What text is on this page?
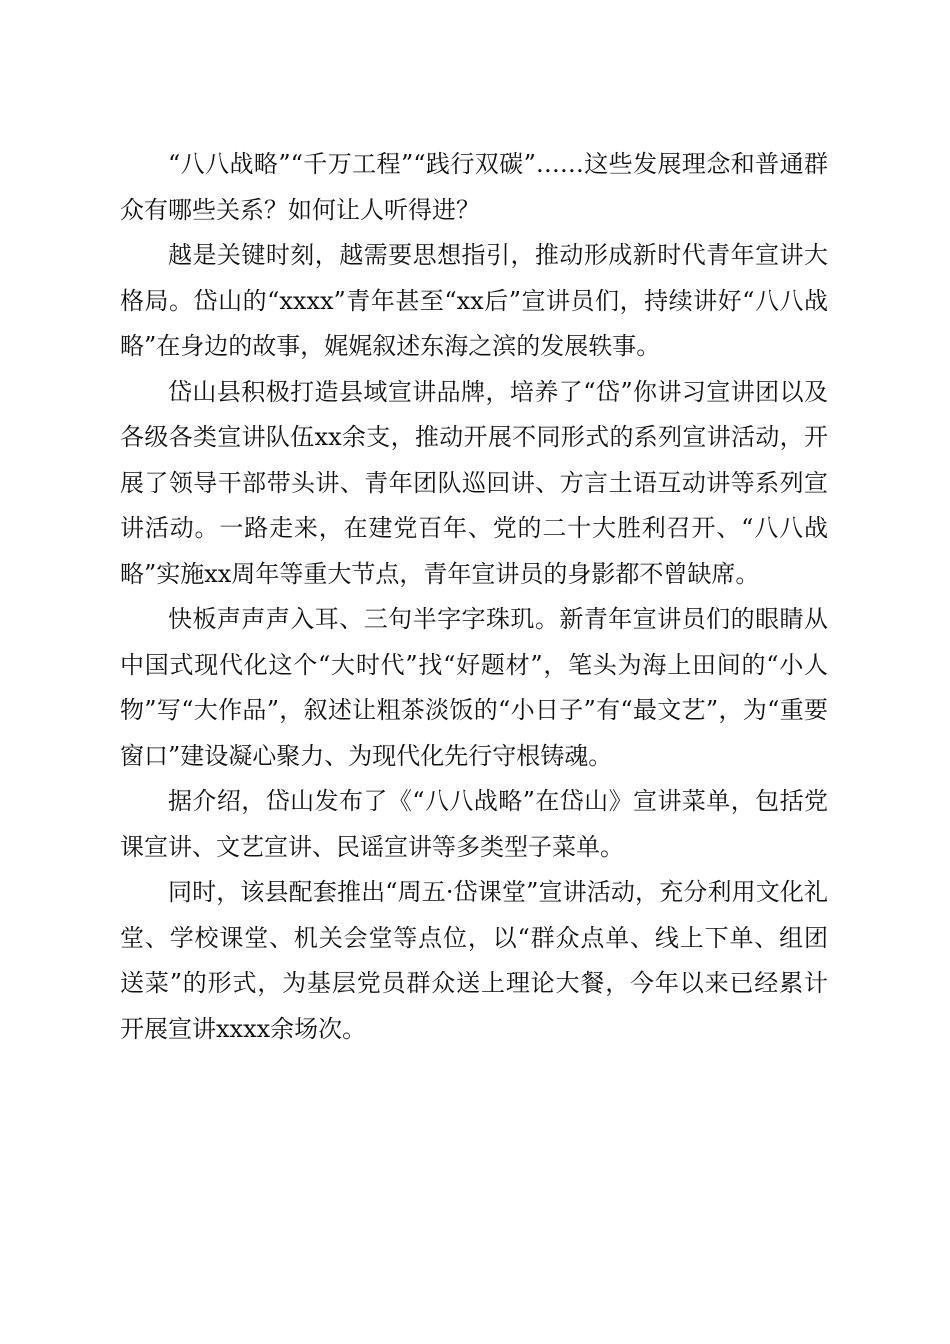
“八八战略”“千万工程”“践行双碳”……这些发展理念和普通群众有哪些关系？如何让人听得进？

越是关键时刻，越需要思想指引，推动形成新时代青年宣讲大格局。岱山的“xxxx”青年甚至“xx后”宣讲员们，持续讲好“八八战略”在身边的故事，娓娓叙述东海之滨的发展轶事。

岱山县积极打造县域宣讲品牌，培养了“岱”你讲习宣讲团以及各级各类宣讲队伍xx余支，推动开展不同形式的系列宣讲活动，开展了领导干部带头讲、青年团队巡回讲、方言土语互动讲等系列宣讲活动。一路走来，在建党百年、党的二十大胜利召开、“八八战略”实施xx周年等重大节点，青年宣讲员的身影都不曾缺席。

快板声声声入耳、三句半字字珠玑。新青年宣讲员们的眼睛从中国式现代化这个“大时代”找“好题材”，笔头为海上田间的“小人物”写“大作品”，叙述让粗茶淡饭的“小日子”有“最文艺”，为“重要窗口”建设凝心聚力、为现代化先行守根铸魂。

据介绍，岱山发布了《“八八战略”在岱山》宣讲菜单，包括党课宣讲、文艺宣讲、民谣宣讲等多类型子菜单。

同时，该县配套推出“周五·岱课堂”宣讲活动，充分利用文化礼堂、学校课堂、机关会堂等点位，以“群众点单、线上下单、组团送菜”的形式，为基层党员群众送上理论大餐，今年以来已经累计开展宣讲xxxx余场次。
